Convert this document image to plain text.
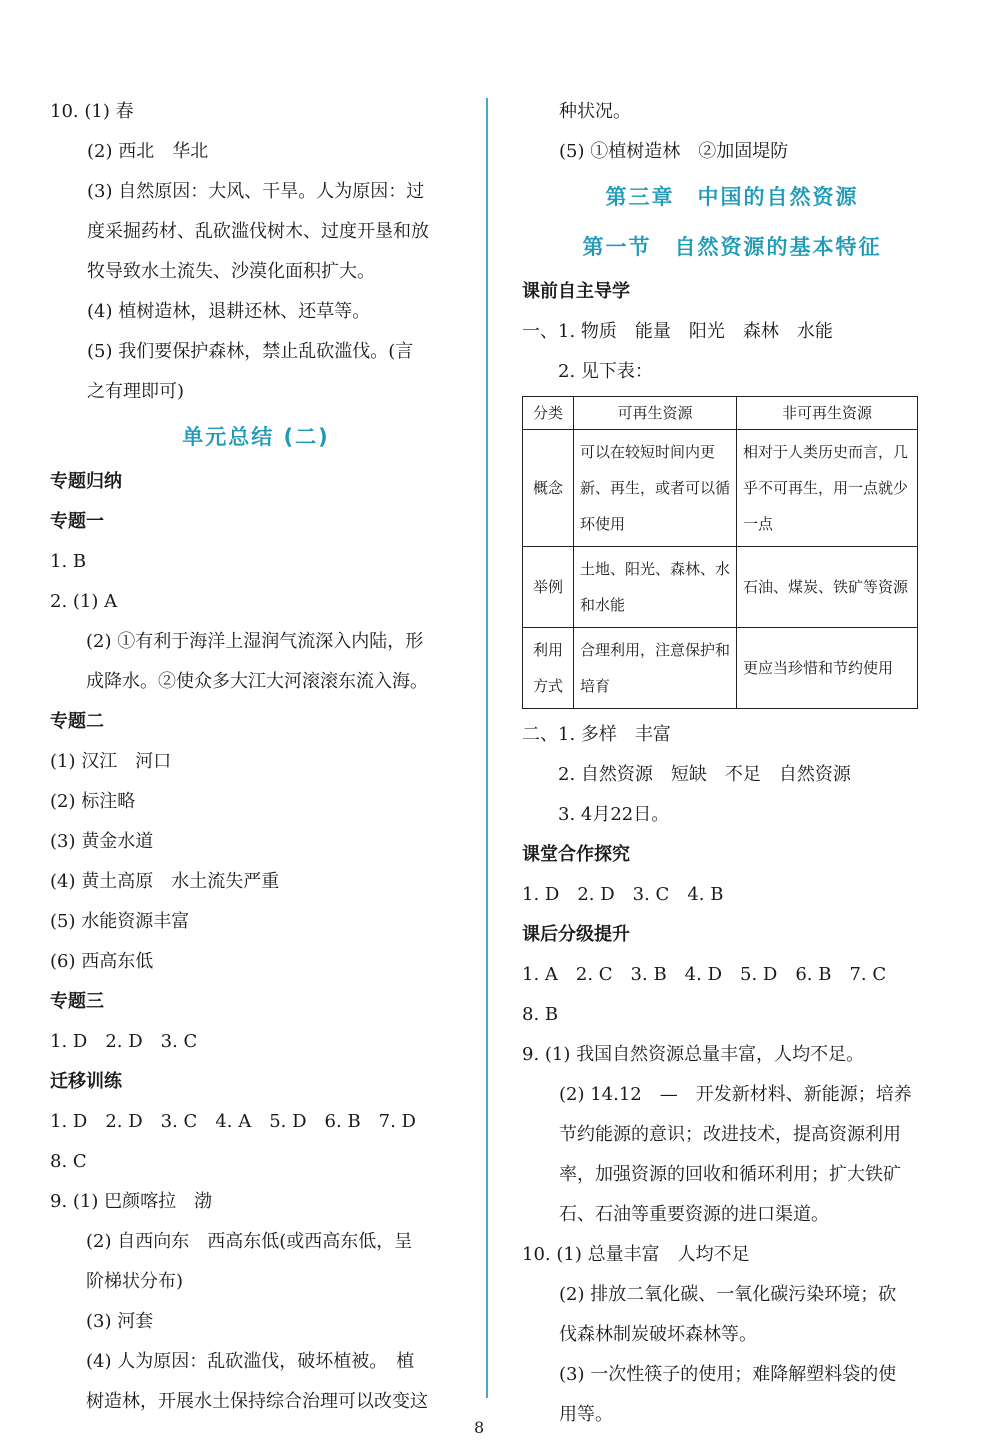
10. (1) 春
(2) 西北　华北
(3) 自然原因：大风、干旱。人为原因：过
度采掘药材、乱砍滥伐树木、过度开垦和放
牧导致水土流失、沙漠化面积扩大。
(4) 植树造林，退耕还林、还草等。
(5) 我们要保护森林，禁止乱砍滥伐。(言
之有理即可)
单元总结 (二)
专题归纳
专题一
1. B
2. (1) A
(2) ①有利于海洋上湿润气流深入内陆，形
成降水。②使众多大江大河滚滚东流入海。
专题二
(1) 汉江　河口
(2) 标注略
(3) 黄金水道
(4) 黄土高原　水土流失严重
(5) 水能资源丰富
(6) 西高东低
专题三
1. D　2. D　3. C
迁移训练
1. D　2. D　3. C　4. A　5. D　6. B　7. D
8. C
9. (1) 巴颜喀拉　渤
(2) 自西向东　西高东低(或西高东低，呈
阶梯状分布)
(3) 河套
(4) 人为原因：乱砍滥伐，破坏植被。　植
树造林，开展水土保持综合治理可以改变这
种状况。
(5) ①植树造林　②加固堤防
第三章　中国的自然资源
第一节　自然资源的基本特征
课前自主导学
一、1. 物质　能量　阳光　森林　水能
2. 见下表：
分类	可再生资源	非可再生资源
概念	可以在较短时间内更新、再生，或者可以循环使用	相对于人类历史而言，几乎不可再生，用一点就少一点
举例	土地、阳光、森林、水和水能	石油、煤炭、铁矿等资源
利用方式	合理利用，注意保护和培育	更应当珍惜和节约使用
二、1. 多样　丰富
2. 自然资源　短缺　不足　自然资源
3. 4月22日。
课堂合作探究
1. D　2. D　3. C　4. B
课后分级提升
1. A　2. C　3. B　4. D　5. D　6. B　7. C
8. B
9. (1) 我国自然资源总量丰富，人均不足。
(2) 14.12　—　开发新材料、新能源；培养
节约能源的意识；改进技术，提高资源利用
率，加强资源的回收和循环利用；扩大铁矿
石、石油等重要资源的进口渠道。
10. (1) 总量丰富　人均不足
(2) 排放二氧化碳、一氧化碳污染环境；砍
伐森林制炭破坏森林等。
(3) 一次性筷子的使用；难降解塑料袋的使
用等。
8
